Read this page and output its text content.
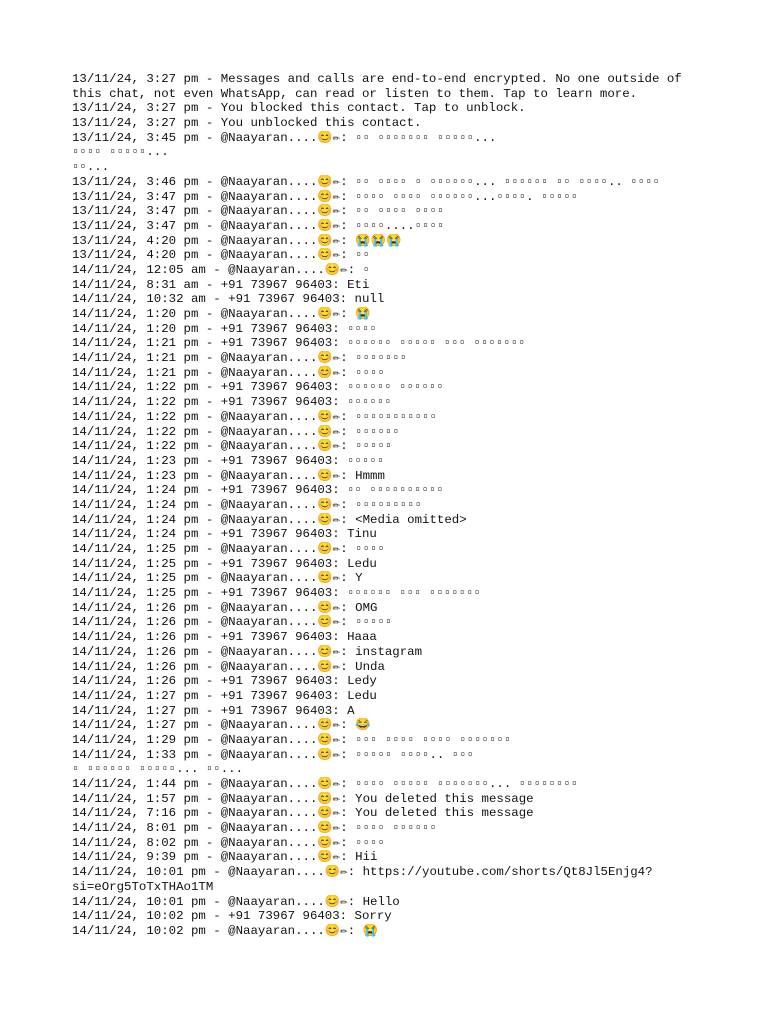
13/11/24, 3:27 pm - Messages and calls are end-to-end encrypted. No one outside of
this chat, not even WhatsApp, can read or listen to them. Tap to learn more.
13/11/24, 3:27 pm - You blocked this contact. Tap to unblock.
13/11/24, 3:27 pm - You unblocked this contact.
13/11/24, 3:45 pm - @Naayaran....😊✏: ▫▫ ▫▫▫▫▫▫▫ ▫▫▫▫▫...
▫▫▫▫ ▫▫▫▫▫...
▫▫...
13/11/24, 3:46 pm - @Naayaran....😊✏: ▫▫ ▫▫▫▫ ▫ ▫▫▫▫▫▫... ▫▫▫▫▫▫ ▫▫ ▫▫▫▫.. ▫▫▫▫
13/11/24, 3:47 pm - @Naayaran....😊✏: ▫▫▫▫ ▫▫▫▫ ▫▫▫▫▫▫...▫▫▫▫. ▫▫▫▫▫
13/11/24, 3:47 pm - @Naayaran....😊✏: ▫▫ ▫▫▫▫ ▫▫▫▫
13/11/24, 3:47 pm - @Naayaran....😊✏: ▫▫▫▫....▫▫▫▫
13/11/24, 4:20 pm - @Naayaran....😊✏: 😭😭😭
13/11/24, 4:20 pm - @Naayaran....😊✏: ▫▫
14/11/24, 12:05 am - @Naayaran....😊✏: ▫
14/11/24, 8:31 am - +91 73967 96403: Eti
14/11/24, 10:32 am - +91 73967 96403: null
14/11/24, 1:20 pm - @Naayaran....😊✏: 😭
14/11/24, 1:20 pm - +91 73967 96403: ▫▫▫▫
14/11/24, 1:21 pm - +91 73967 96403: ▫▫▫▫▫▫ ▫▫▫▫▫ ▫▫▫ ▫▫▫▫▫▫▫
14/11/24, 1:21 pm - @Naayaran....😊✏: ▫▫▫▫▫▫▫
14/11/24, 1:21 pm - @Naayaran....😊✏: ▫▫▫▫
14/11/24, 1:22 pm - +91 73967 96403: ▫▫▫▫▫▫ ▫▫▫▫▫▫
14/11/24, 1:22 pm - +91 73967 96403: ▫▫▫▫▫▫
14/11/24, 1:22 pm - @Naayaran....😊✏: ▫▫▫▫▫▫▫▫▫▫▫
14/11/24, 1:22 pm - @Naayaran....😊✏: ▫▫▫▫▫▫
14/11/24, 1:22 pm - @Naayaran....😊✏: ▫▫▫▫▫
14/11/24, 1:23 pm - +91 73967 96403: ▫▫▫▫▫
14/11/24, 1:23 pm - @Naayaran....😊✏: Hmmm
14/11/24, 1:24 pm - +91 73967 96403: ▫▫ ▫▫▫▫▫▫▫▫▫▫
14/11/24, 1:24 pm - @Naayaran....😊✏: ▫▫▫▫▫▫▫▫▫
14/11/24, 1:24 pm - @Naayaran....😊✏: <Media omitted>
14/11/24, 1:24 pm - +91 73967 96403: Tinu
14/11/24, 1:25 pm - @Naayaran....😊✏: ▫▫▫▫
14/11/24, 1:25 pm - +91 73967 96403: Ledu
14/11/24, 1:25 pm - @Naayaran....😊✏: Y
14/11/24, 1:25 pm - +91 73967 96403: ▫▫▫▫▫▫ ▫▫▫ ▫▫▫▫▫▫▫
14/11/24, 1:26 pm - @Naayaran....😊✏: OMG
14/11/24, 1:26 pm - @Naayaran....😊✏: ▫▫▫▫▫
14/11/24, 1:26 pm - +91 73967 96403: Haaa
14/11/24, 1:26 pm - @Naayaran....😊✏: instagram
14/11/24, 1:26 pm - @Naayaran....😊✏: Unda
14/11/24, 1:26 pm - +91 73967 96403: Ledy
14/11/24, 1:27 pm - +91 73967 96403: Ledu
14/11/24, 1:27 pm - +91 73967 96403: A
14/11/24, 1:27 pm - @Naayaran....😊✏: 😂
14/11/24, 1:29 pm - @Naayaran....😊✏: ▫▫▫ ▫▫▫▫ ▫▫▫▫ ▫▫▫▫▫▫▫
14/11/24, 1:33 pm - @Naayaran....😊✏: ▫▫▫▫▫ ▫▫▫▫.. ▫▫▫
▫ ▫▫▫▫▫▫ ▫▫▫▫▫... ▫▫...
14/11/24, 1:44 pm - @Naayaran....😊✏: ▫▫▫▫ ▫▫▫▫▫ ▫▫▫▫▫▫▫... ▫▫▫▫▫▫▫▫
14/11/24, 1:57 pm - @Naayaran....😊✏: You deleted this message
14/11/24, 7:16 pm - @Naayaran....😊✏: You deleted this message
14/11/24, 8:01 pm - @Naayaran....😊✏: ▫▫▫▫ ▫▫▫▫▫▫
14/11/24, 8:02 pm - @Naayaran....😊✏: ▫▫▫▫
14/11/24, 9:39 pm - @Naayaran....😊✏: Hii
14/11/24, 10:01 pm - @Naayaran....😊✏: https://youtube.com/shorts/Qt8Jl5Enjg4?
si=eOrg5ToTxTHAo1TM
14/11/24, 10:01 pm - @Naayaran....😊✏: Hello
14/11/24, 10:02 pm - +91 73967 96403: Sorry
14/11/24, 10:02 pm - @Naayaran....😊✏: 😭
